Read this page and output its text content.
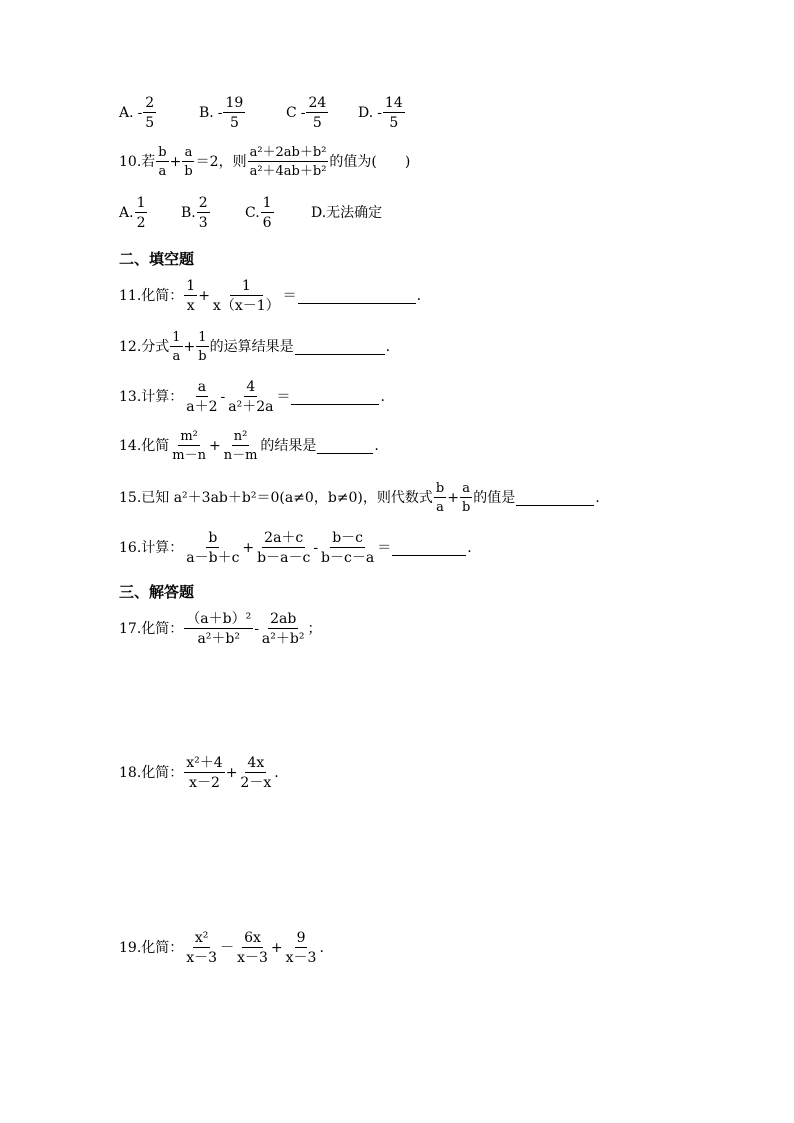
A. - $\frac{2}{5}$	B. - $\frac{19}{5}$	C - $\frac{24}{5} D$. - $\frac{14}{5}$
10.若 $\frac{b}{a} + \frac{a}{b} =2$，则 $\frac{\text{a²＋2ab＋b²}}{\text{a²＋4ab＋b²}}$ 的值为(　　)
A. $\frac{1}{2} B$. $\frac{2}{3}$	C. $\frac{1}{6}$	D.无法确定
二、填空题
11.化简： $\frac{1}{x} + \frac{1}{x(x-1)}$ ＝	.
12.分式 $\frac{1}{a} + \frac{1}{b}$ 的运算结果是	.
13.计算： $\frac{a}{a+2} - \frac{4}{\text{a²＋2a}}$ ＝	.
14.化简 $\frac{\text{m²}}{m-n} + \frac{\text{n²}}{n-m}$ 的结果是	.
15.已知 a²＋3ab＋b²＝0(a≠0，b≠0)，则代数式 $\frac{b}{a} + \frac{a}{b}$ 的值是	.
16.计算： $\frac{b}{a-b+c} + \frac{2a+c}{b-a-c} - \frac{b-c}{b-c-a}$ ＝	.
三、解答题
17.化简： $\frac{\text{（a＋b）²}}{\text{a²＋b²}} - \frac{2ab}{\text{a²＋b²}}$ ；
18.化简： $\frac{\text{x²＋4}}{x-2} + \frac{4x}{2-x}$ .
19.化简： $\frac{\text{x²}}{x-3} - \frac{6x}{x-3} + \frac{9}{x-3}$ .
